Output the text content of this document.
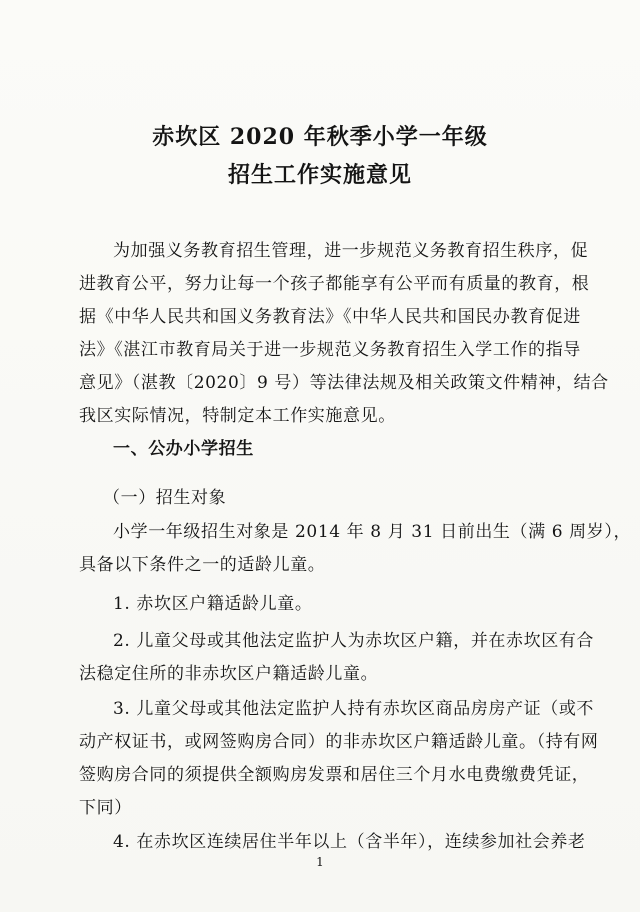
赤坎区 2020 年秋季小学一年级
招生工作实施意见
为加强义务教育招生管理，进一步规范义务教育招生秩序，促
进教育公平，努力让每一个孩子都能享有公平而有质量的教育，根
据《中华人民共和国义务教育法》《中华人民共和国民办教育促进
法》《湛江市教育局关于进一步规范义务教育招生入学工作的指导
意见》（湛教〔2020〕9 号）等法律法规及相关政策文件精神，结合
我区实际情况，特制定本工作实施意见。
一、公办小学招生
（一）招生对象
小学一年级招生对象是 2014 年 8 月 31 日前出生（满 6 周岁），
具备以下条件之一的适龄儿童。
1. 赤坎区户籍适龄儿童。
2. 儿童父母或其他法定监护人为赤坎区户籍，并在赤坎区有合
法稳定住所的非赤坎区户籍适龄儿童。
3. 儿童父母或其他法定监护人持有赤坎区商品房房产证（或不
动产权证书，或网签购房合同）的非赤坎区户籍适龄儿童。（持有网
签购房合同的须提供全额购房发票和居住三个月水电费缴费凭证，
下同）
4. 在赤坎区连续居住半年以上（含半年），连续参加社会养老
1
